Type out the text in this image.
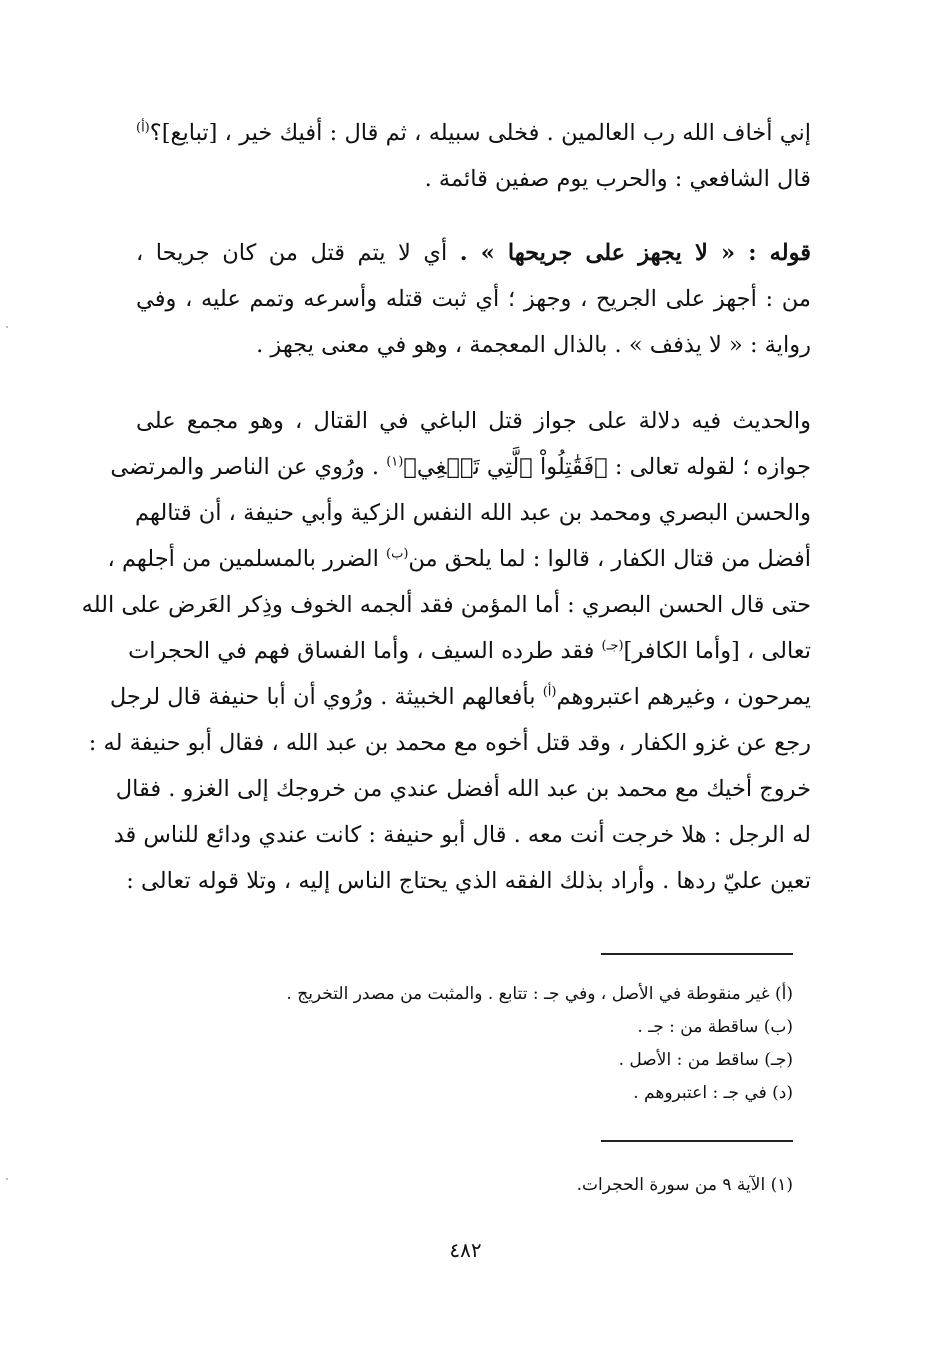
إني أخاف الله رب العالمين . فخلى سبيله ، ثم قال : أفيك خير ، [تبايع]؟$^{(أ)}$
قال الشافعي : والحرب يوم صفين قائمة .
قوله : « لا يجهز على جريحها » . أي لا يتم قتل من كان جريحا ،
من : أجهز على الجريح ، وجهز ؛ أي ثبت قتله وأسرعه وتمم عليه ، وفي
رواية : « لا يذفف » . بالذال المعجمة ، وهو في معنى يجهز .
والحديث فيه دلالة على جواز قتل الباغي في القتال ، وهو مجمع على
جوازه ؛ لقوله تعالى : ﴿فَقَٰتِلُواْ ٱلَّتِي تَبۡغِي﴾$^{(١)}$ . ورُوي عن الناصر والمرتضى
والحسن البصري ومحمد بن عبد الله النفس الزكية وأبي حنيفة ، أن قتالهم
أفضل من قتال الكفار ، قالوا : لما يلحق من$^{(ب)}$ الضرر بالمسلمين من أجلهم ،
حتى قال الحسن البصري : أما المؤمن فقد ألجمه الخوف وذِكر العَرض على الله
تعالى ، [وأما الكافر]$^{(جـ)}$ فقد طرده السيف ، وأما الفساق فهم في الحجرات
يمرحون ، وغيرهم اعتبروهم$^{(أ)}$ بأفعالهم الخبيثة . ورُوي أن أبا حنيفة قال لرجل
رجع عن غزو الكفار ، وقد قتل أخوه مع محمد بن عبد الله ، فقال أبو حنيفة له :
خروج أخيك مع محمد بن عبد الله أفضل عندي من خروجك إلى الغزو . فقال
له الرجل : هلا خرجت أنت معه . قال أبو حنيفة : كانت عندي ودائع للناس قد
تعين عليّ ردها . وأراد بذلك الفقه الذي يحتاج الناس إليه ، وتلا قوله تعالى :
(أ) غير منقوطة في الأصل ، وفي جـ : تتابع . والمثبت من مصدر التخريج .
(ب) ساقطة من : جـ .
(جـ) ساقط من : الأصل .
(د) في جـ : اعتبروهم .
(١) الآية ٩ من سورة الحجرات.
٤٨٢
